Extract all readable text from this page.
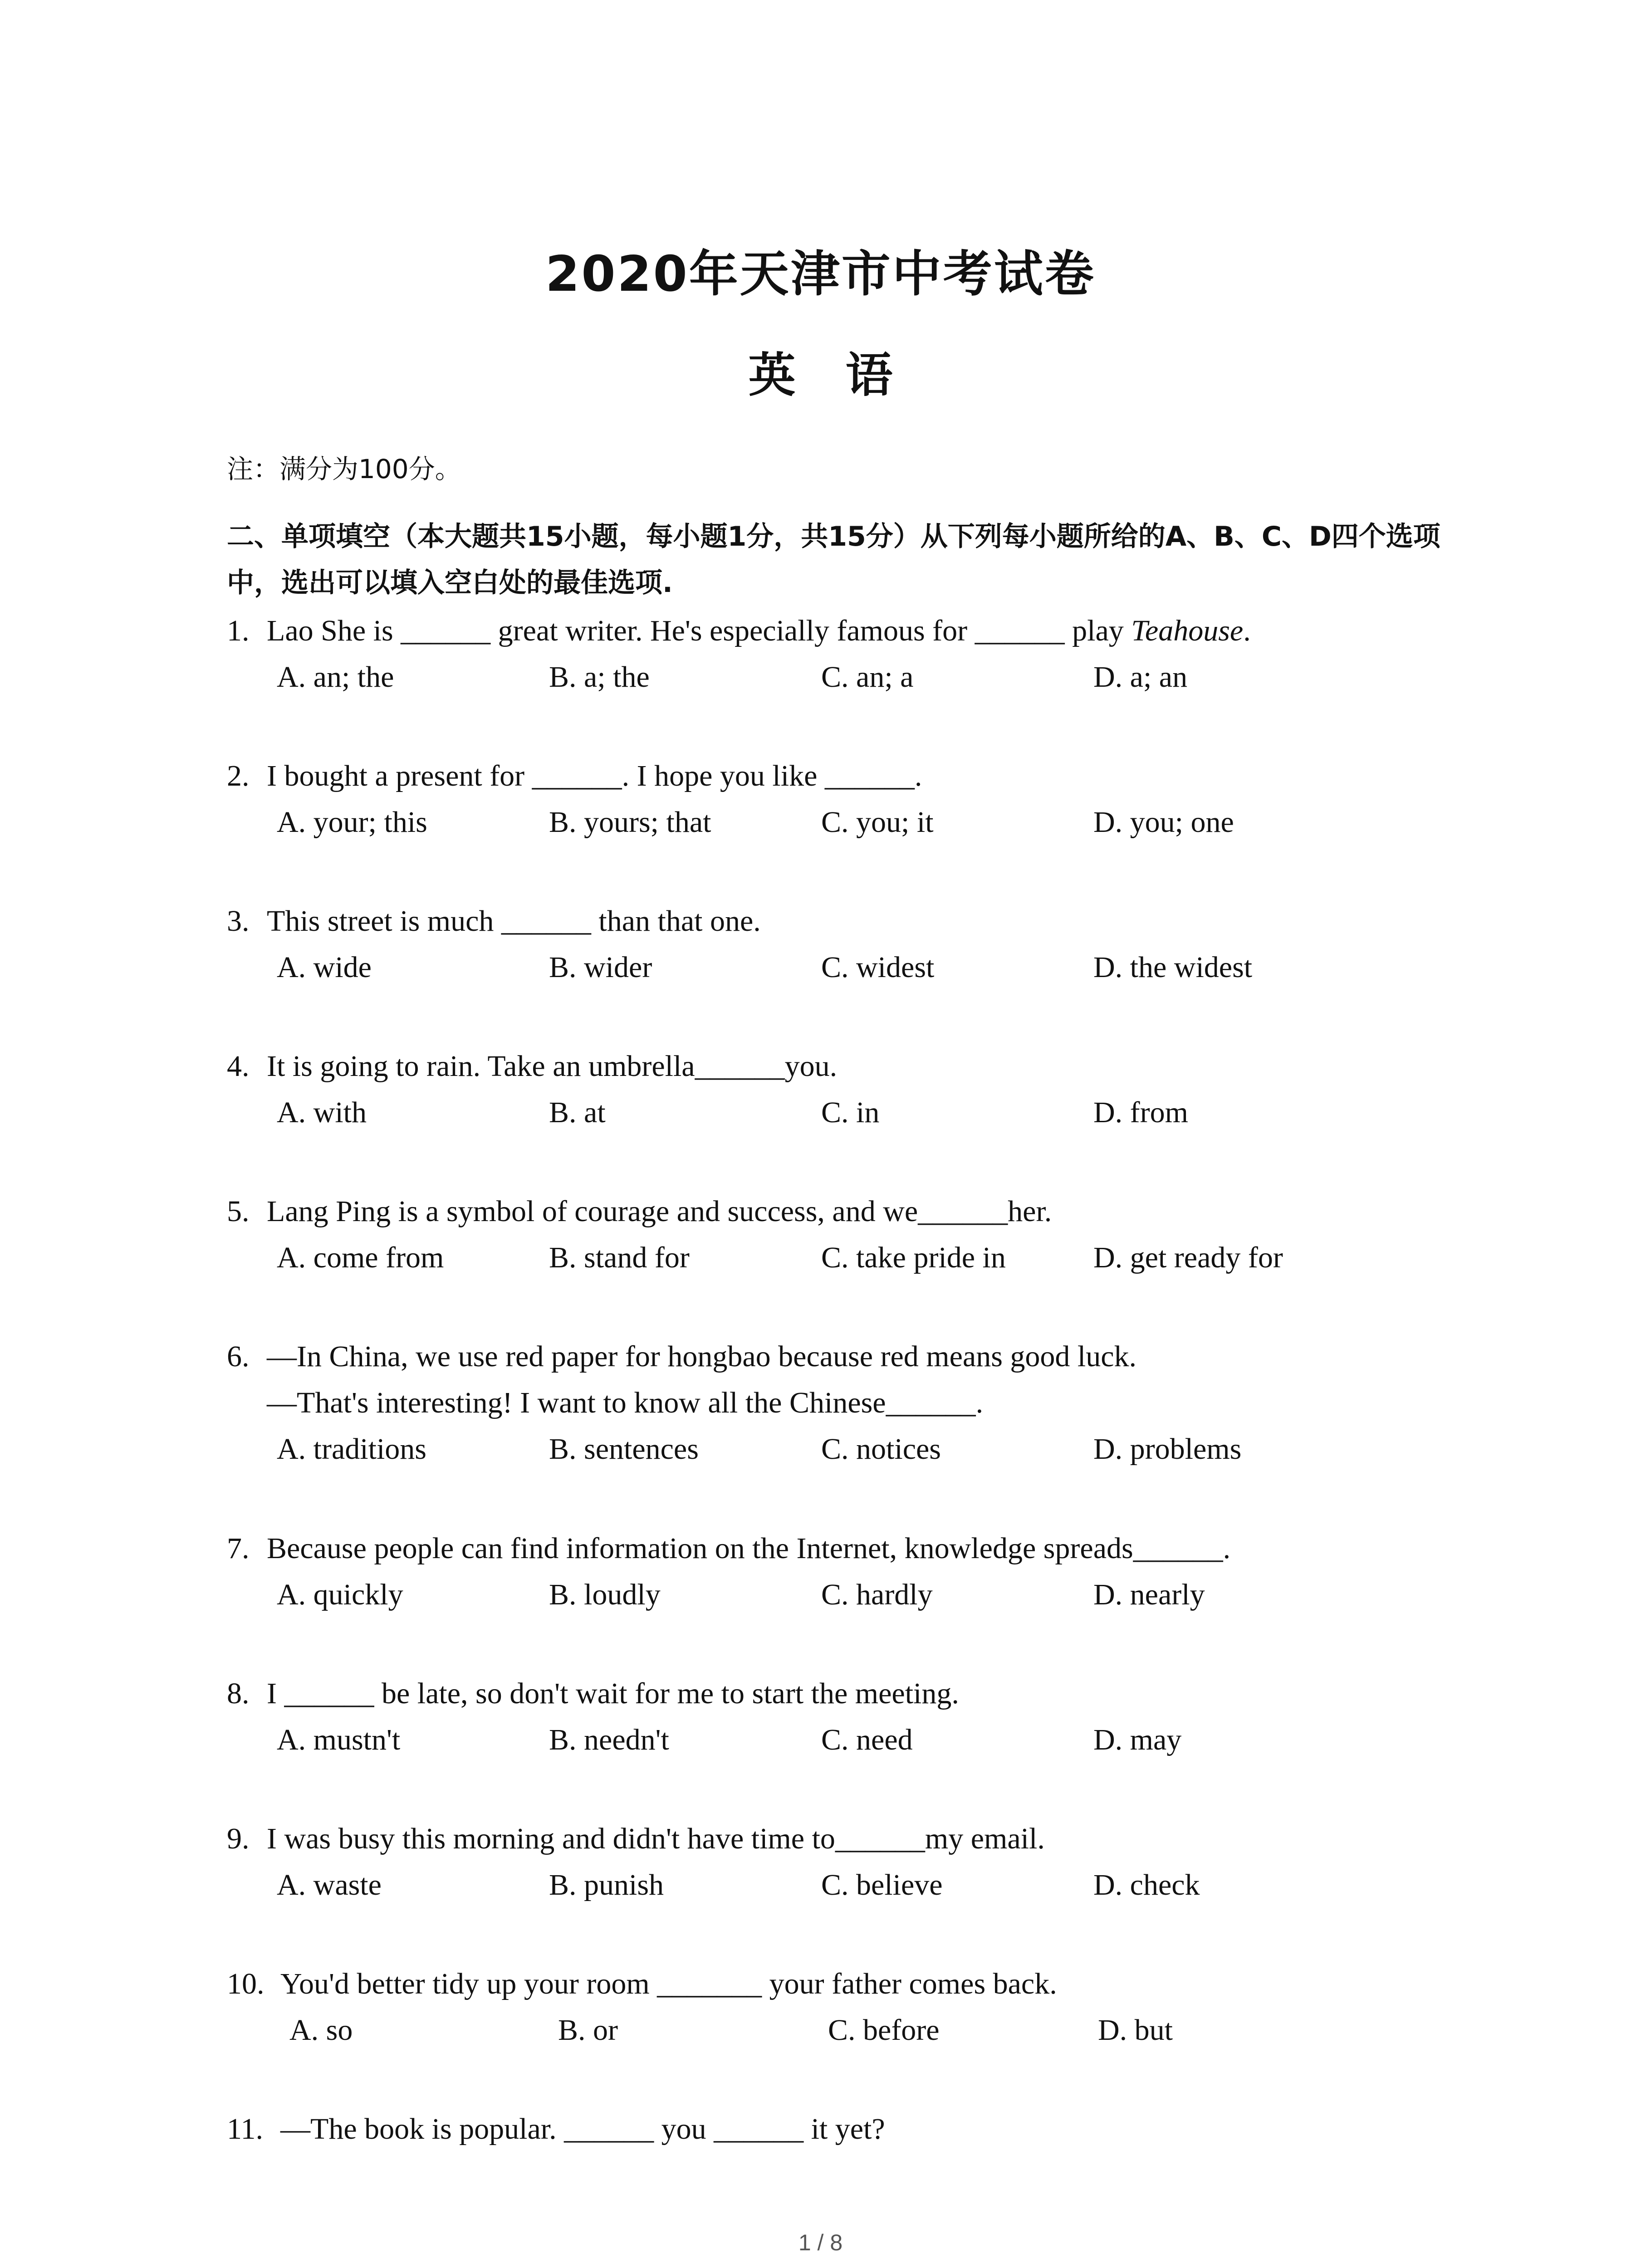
2020年天津市中考试卷
英 语
注：满分为100分。
二、单项填空（本大题共15小题，每小题1分，共15分）从下列每小题所给的A、B、C、D四个选项中，选出可以填入空白处的最佳选项.
1. Lao She is ______ great writer. He's especially famous for ______ play Teahouse.
A. an; the	B. a; the	C. an; a	D. a; an
2. I bought a present for ______. I hope you like ______.
A. your; this	B. yours; that	C. you; it	D. you; one
3. This street is much ______ than that one.
A. wide	B. wider	C. widest	D. the widest
4. It is going to rain. Take an umbrella______you.
A. with	B. at	C. in	D. from
5. Lang Ping is a symbol of courage and success, and we______her.
A. come from	B. stand for	C. take pride in	D. get ready for
6. —In China, we use red paper for hongbao because red means good luck.
—That's interesting! I want to know all the Chinese______.
A. traditions	B. sentences	C. notices	D. problems
7. Because people can find information on the Internet, knowledge spreads______.
A. quickly	B. loudly	C. hardly	D. nearly
8. I ______ be late, so don't wait for me to start the meeting.
A. mustn't	B. needn't	C. need	D. may
9. I was busy this morning and didn't have time to______my email.
A. waste	B. punish	C. believe	D. check
10. You'd better tidy up your room _______ your father comes back.
A. so	B. or	C. before	D. but
11. —The book is popular. ______ you ______ it yet?
1 / 8
